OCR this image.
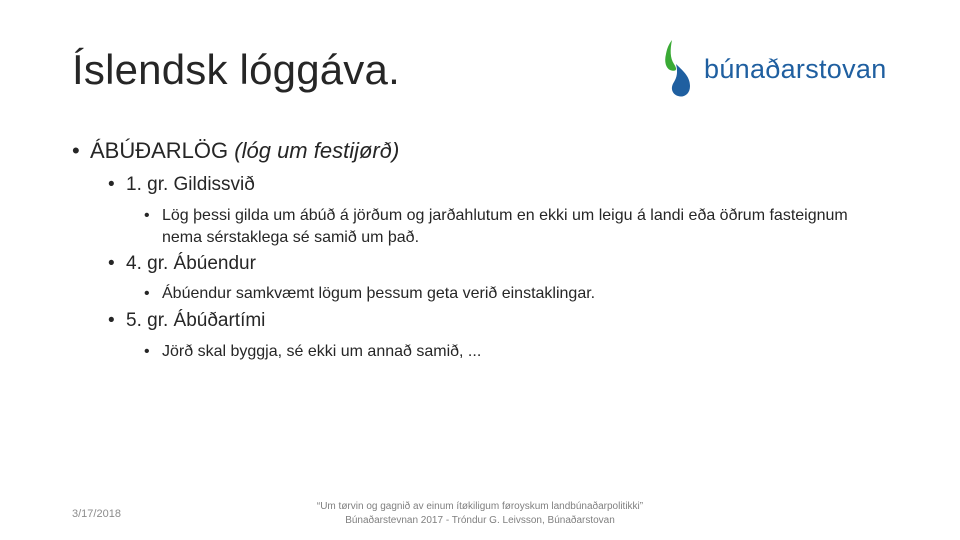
Íslendsk lóggáva.	búnaðarstovan
• ÁBÚÐARLÖG (lóg um festijørð)
• 1. gr. Gildissvið
• Lög þessi gilda um ábúð á jörðum og jarðahlutum en ekki um leigu á landi eða öðrum fasteignum nema sérstaklega sé samið um það.
• 4. gr. Ábúendur
• Ábúendur samkvæmt lögum þessum geta verið einstaklingar.
• 5. gr. Ábúðartími
• Jörð skal byggja, sé ekki um annað samið, ...
3/17/2018
“Um tørvin og gagnið av einum ítøkiligum føroyskum landbúnaðarpolitikki”
Búnaðarstevnan 2017 - Tróndur G. Leivsson, Búnaðarstovan
